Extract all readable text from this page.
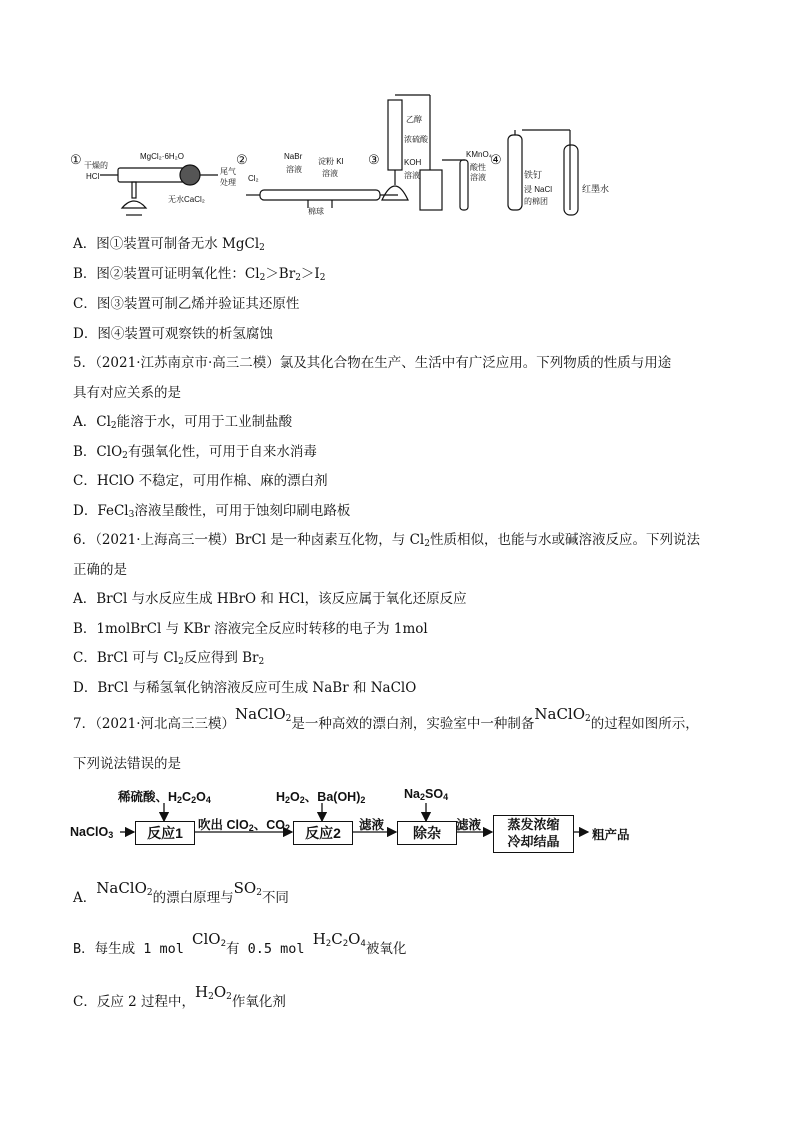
① 干燥的
HCl
MgCl₂·6H₂O
无水CaCl₂
尾气
处理
②
Cl₂
NaBr
溶液
淀粉 KI
溶液
棉球
③
乙醇
浓硫酸
KOH
溶液
KMnO₄
酸性
溶液
④
铁钉
浸 NaCl
的棉团
红墨水
A．图①装置可制备无水 MgCl$_2$
B．图②装置可证明氧化性：$Cl_2>Br_2>I_2$
C．图③装置可制乙烯并验证其还原性
D．图④装置可观察铁的析氢腐蚀
5．（2021·江苏南京市·高三二模）氯及其化合物在生产、生活中有广泛应用。下列物质的性质与用途
具有对应关系的是
A．$Cl_2$能溶于水，可用于工业制盐酸
B．ClO$_2$有强氧化性，可用于自来水消毒
C．HClO 不稳定，可用作棉、麻的漂白剂
D．FeCl$_3$溶液呈酸性，可用于蚀刻印刷电路板
6．（2021·上海高三一模）BrCl 是一种卤素互化物，与 $Cl_2$性质相似，也能与水或碱溶液反应。下列说法
正确的是
A．BrCl 与水反应生成 HBrO 和 HCl，该反应属于氧化还原反应
B．1molBrCl 与 KBr 溶液完全反应时转移的电子为 1mol
C．BrCl 可与 $Cl_2$反应得到 $Br_2$
D．BrCl 与稀氢氧化钠溶液反应可生成 NaBr 和 NaClO
7．（2021·河北高三三模）NaClO$_2$是一种高效的漂白剂，实验室中一种制备NaClO$_2$的过程如图所示，
下列说法错误的是
稀硫酸、$H_2C_2O_4$	$H_2O_2$、$Ba(OH)_2$	$Na_2SO_4$
NaClO$_3$	反应1	吹出 ClO$_2$、$CO_2$	反应2	滤液	除杂	滤液	蒸发浓缩
冷却结晶	粗产品
A．NaClO$_2$的漂白原理与$SO_2$不同
B．每生成 1 mol ClO$_2$有 0.5 mol $H_2C_2O_4$被氧化
C．反应 2 过程中，$H_2O_2$作氧化剂
